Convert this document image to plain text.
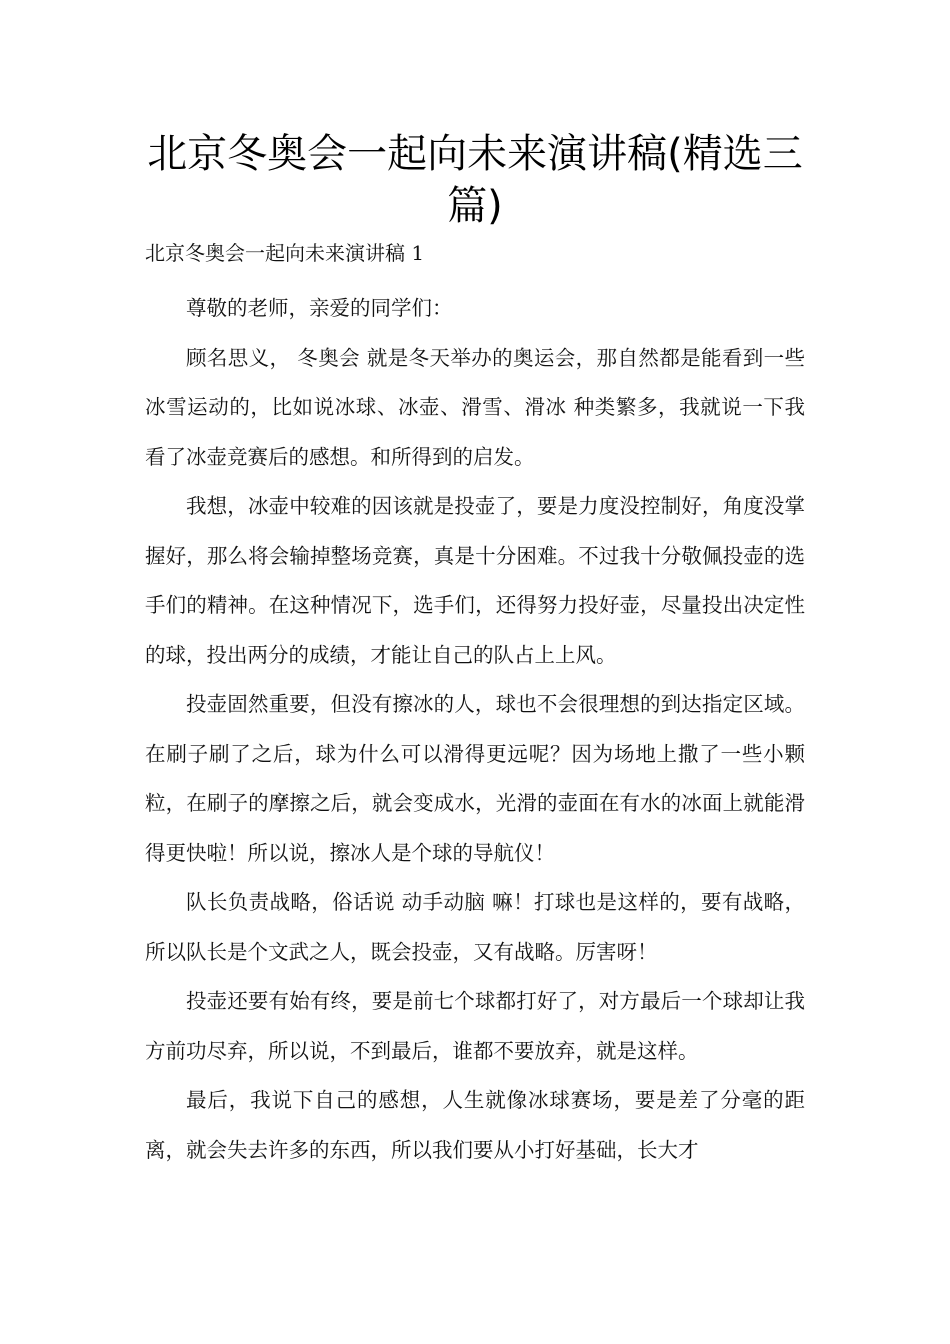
北京冬奥会一起向未来演讲稿(精选三篇)
北京冬奥会一起向未来演讲稿 1

尊敬的老师，亲爱的同学们：

顾名思义， 冬奥会 就是冬天举办的奥运会，那自然都是能看到一些冰雪运动的，比如说冰球、冰壶、滑雪、滑冰 种类繁多，我就说一下我看了冰壶竞赛后的感想。和所得到的启发。

我想，冰壶中较难的因该就是投壶了，要是力度没控制好，角度没掌握好，那么将会输掉整场竞赛，真是十分困难。不过我十分敬佩投壶的选手们的精神。在这种情况下，选手们，还得努力投好壶，尽量投出决定性的球，投出两分的成绩，才能让自己的队占上上风。

投壶固然重要，但没有擦冰的人，球也不会很理想的到达指定区域。在刷子刷了之后，球为什么可以滑得更远呢？因为场地上撒了一些小颗粒，在刷子的摩擦之后，就会变成水，光滑的壶面在有水的冰面上就能滑得更快啦！所以说，擦冰人是个球的导航仪！

队长负责战略，俗话说 动手动脑 嘛！打球也是这样的，要有战略，所以队长是个文武之人，既会投壶，又有战略。厉害呀！

投壶还要有始有终，要是前七个球都打好了，对方最后一个球却让我方前功尽弃，所以说，不到最后，谁都不要放弃，就是这样。

最后，我说下自己的感想，人生就像冰球赛场，要是差了分毫的距离，就会失去许多的东西，所以我们要从小打好基础，长大才
